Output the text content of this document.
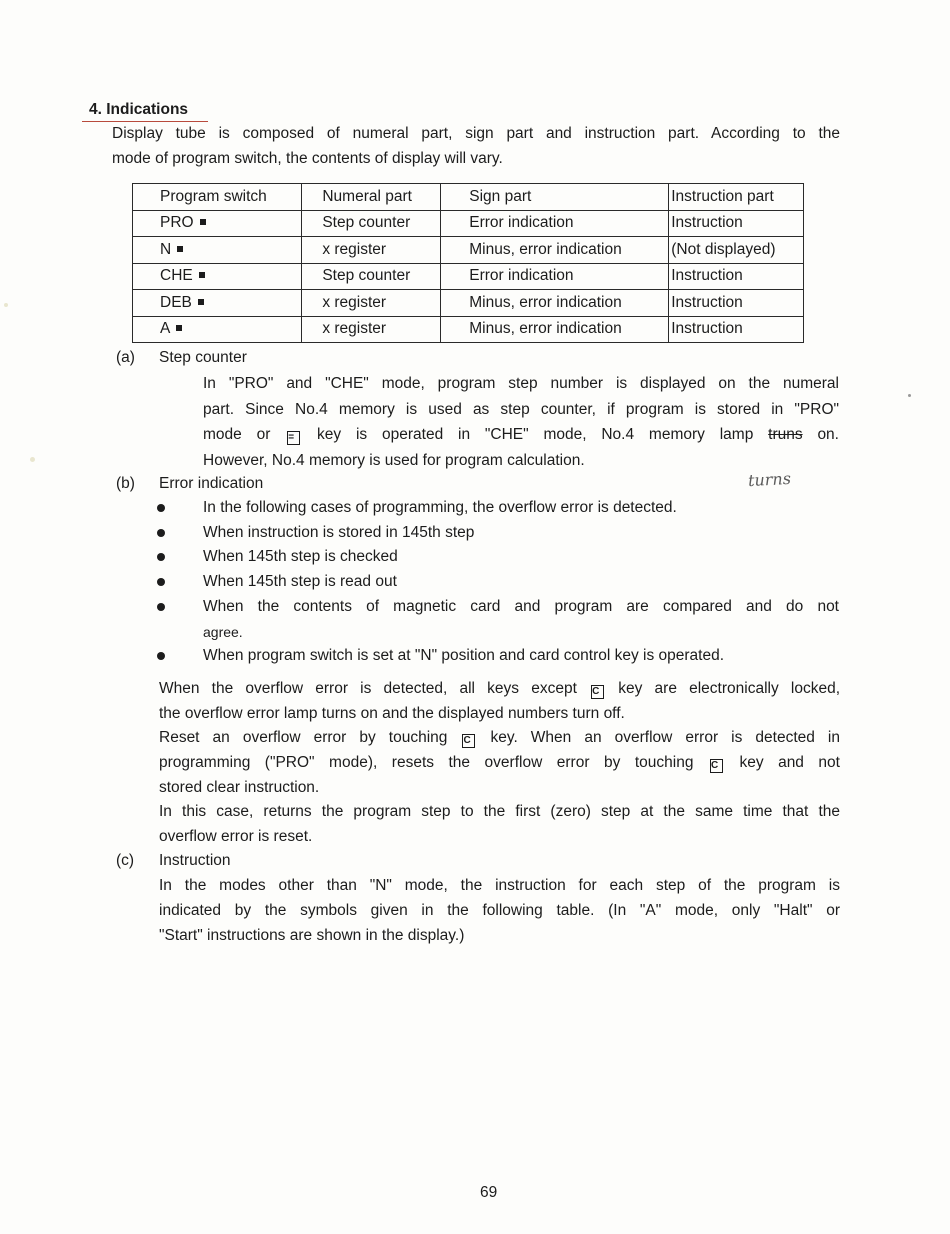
4. Indications
Display tube is composed of numeral part, sign part and instruction part. According to the
mode of program switch, the contents of display will vary.
Program switch	Numeral part	Sign part	Instruction part
PRO	Step counter	Error indication	Instruction
N	x register	Minus, error indication	(Not displayed)
CHE	Step counter	Error indication	Instruction
DEB	x register	Minus, error indication	Instruction
A	x register	Minus, error indication	Instruction
(a) Step counter
In "PRO" and "CHE" mode, program step number is displayed on the numeral
part. Since No.4 memory is used as step counter, if program is stored in "PRO"
mode or = key is operated in "CHE" mode, No.4 memory lamp truns on.
However, No.4 memory is used for program calculation.
turns
(b) Error indication
In the following cases of programming, the overflow error is detected.
When instruction is stored in 145th step
When 145th step is checked
When 145th step is read out
When the contents of magnetic card and program are compared and do not
agree.
When program switch is set at "N" position and card control key is operated.
When the overflow error is detected, all keys except C key are electronically locked,
the overflow error lamp turns on and the displayed numbers turn off.
Reset an overflow error by touching C key. When an overflow error is detected in
programming ("PRO" mode), resets the overflow error by touching C key and not
stored clear instruction.
In this case, returns the program step to the first (zero) step at the same time that the
overflow error is reset.
(c) Instruction
In the modes other than "N" mode, the instruction for each step of the program is
indicated by the symbols given in the following table. (In "A" mode, only "Halt" or
"Start" instructions are shown in the display.)
69
